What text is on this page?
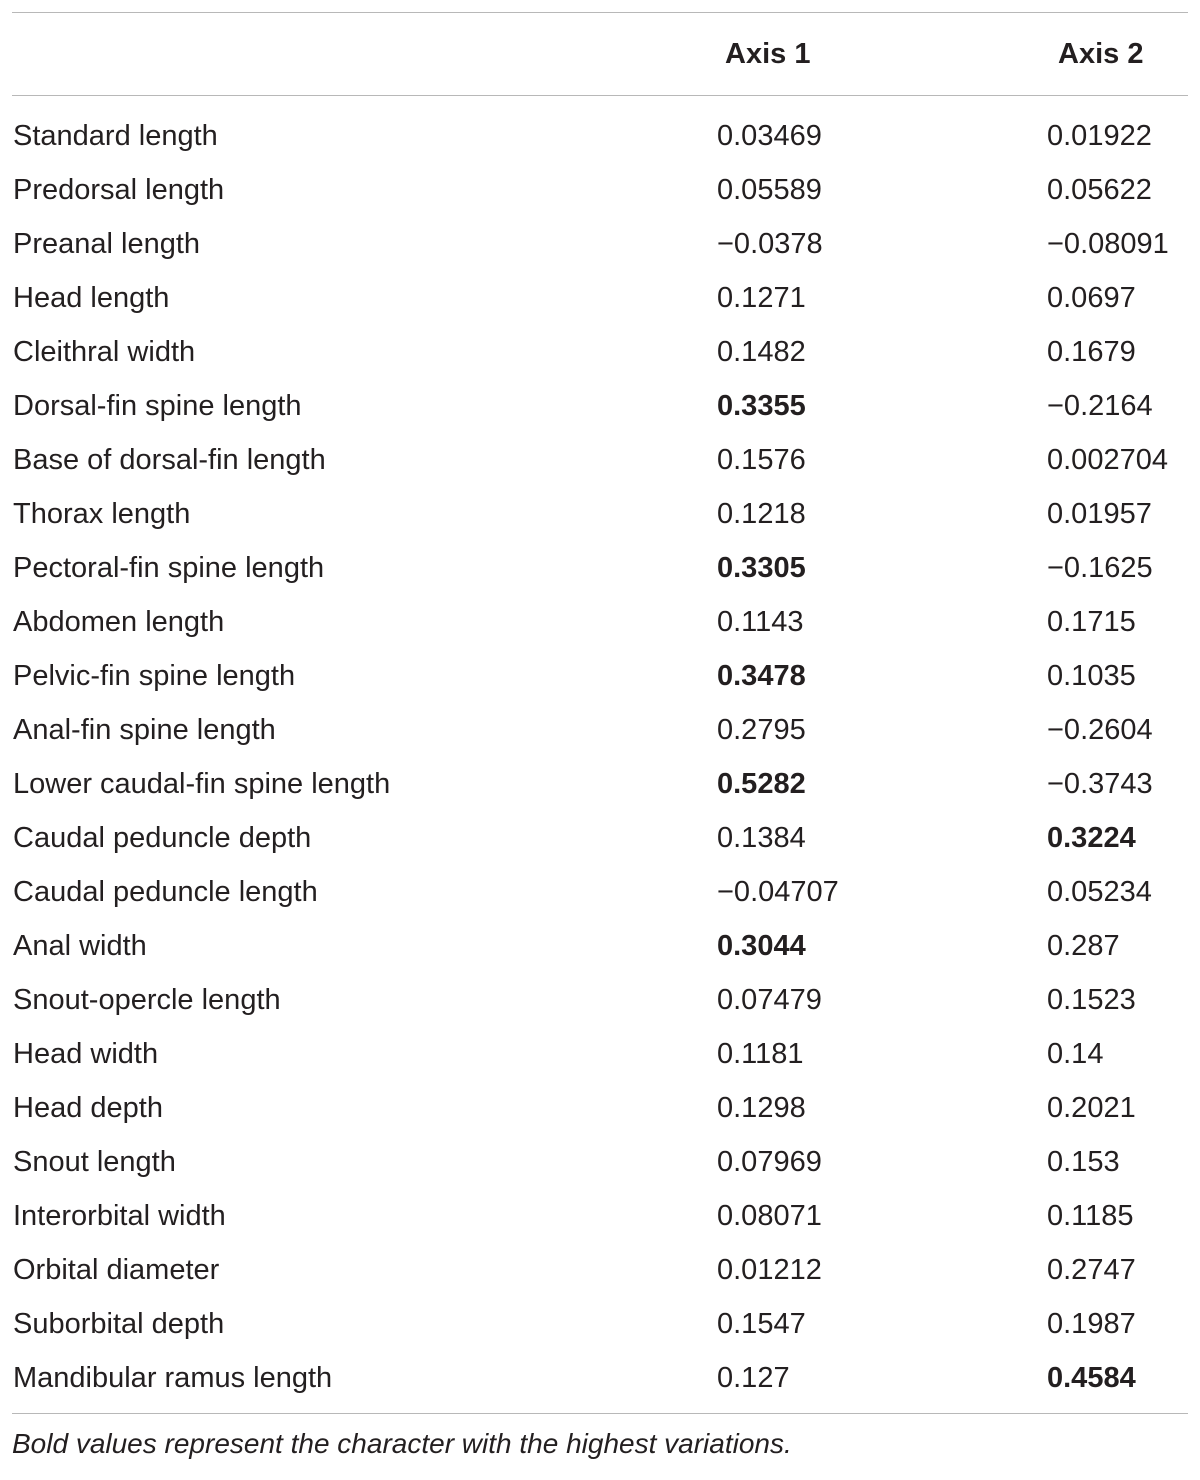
Axis 1	Axis 2
Standard length	0.03469	0.01922
Predorsal length	0.05589	0.05622
Preanal length	−0.0378	−0.08091
Head length	0.1271	0.0697
Cleithral width	0.1482	0.1679
Dorsal-fin spine length	0.3355	−0.2164
Base of dorsal-fin length	0.1576	0.002704
Thorax length	0.1218	0.01957
Pectoral-fin spine length	0.3305	−0.1625
Abdomen length	0.1143	0.1715
Pelvic-fin spine length	0.3478	0.1035
Anal-fin spine length	0.2795	−0.2604
Lower caudal-fin spine length	0.5282	−0.3743
Caudal peduncle depth	0.1384	0.3224
Caudal peduncle length	−0.04707	0.05234
Anal width	0.3044	0.287
Snout-opercle length	0.07479	0.1523
Head width	0.1181	0.14
Head depth	0.1298	0.2021
Snout length	0.07969	0.153
Interorbital width	0.08071	0.1185
Orbital diameter	0.01212	0.2747
Suborbital depth	0.1547	0.1987
Mandibular ramus length	0.127	0.4584
Bold values represent the character with the highest variations.
